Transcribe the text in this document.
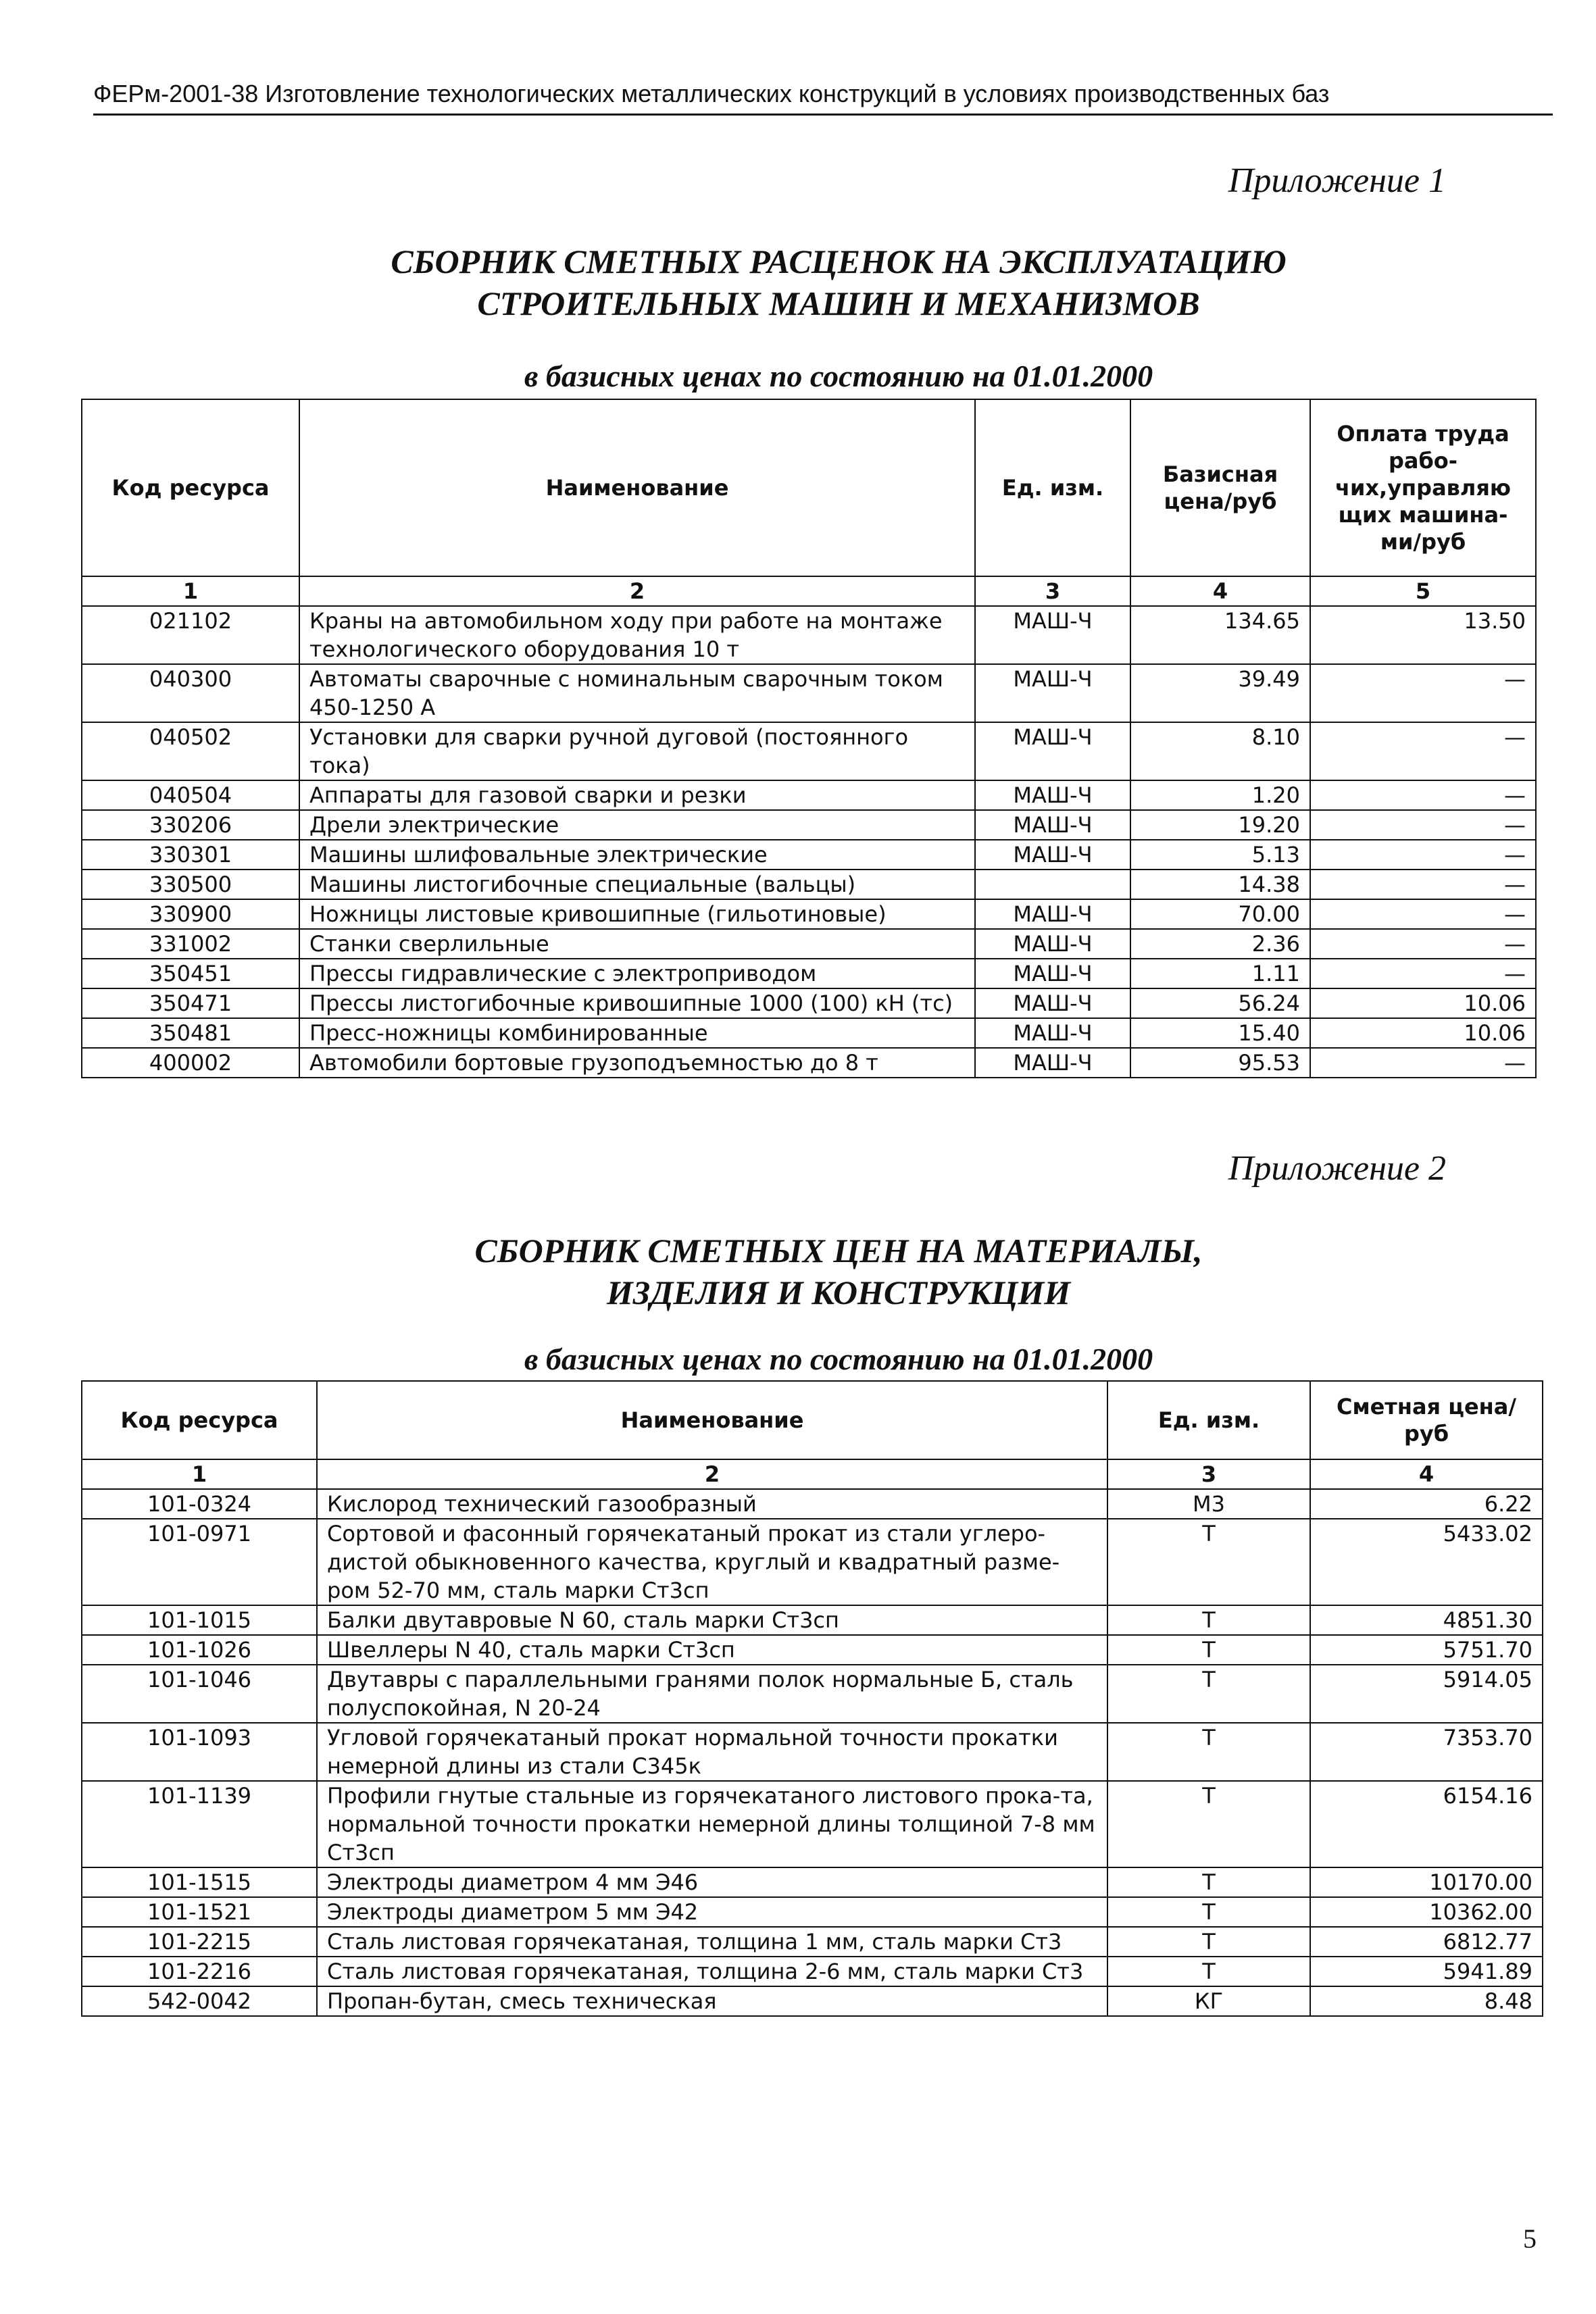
ФЕРм-2001-38 Изготовление технологических металлических конструкций в условиях производственных баз
Приложение 1
СБОРНИК СМЕТНЫХ РАСЦЕНОК НА ЭКСПЛУАТАЦИЮ
СТРОИТЕЛЬНЫХ МАШИН И МЕХАНИЗМОВ
в базисных ценах по состоянию на 01.01.2000
Код ресурса	Наименование	Ед. изм.	Базисная цена/руб	Оплата труда рабо-чих,управляю щих машина-ми/руб
1	2	3	4	5
021102	Краны на автомобильном ходу при работе на монтаже технологического оборудования 10 т	МАШ-Ч	134.65	13.50
040300	Автоматы сварочные с номинальным сварочным током 450-1250 А	МАШ-Ч	39.49	—
040502	Установки для сварки ручной дуговой (постоянного тока)	МАШ-Ч	8.10	—
040504	Аппараты для газовой сварки и резки	МАШ-Ч	1.20	—
330206	Дрели электрические	МАШ-Ч	19.20	—
330301	Машины шлифовальные электрические	МАШ-Ч	5.13	—
330500	Машины листогибочные специальные (вальцы)		14.38	—
330900	Ножницы листовые кривошипные (гильотиновые)	МАШ-Ч	70.00	—
331002	Станки сверлильные	МАШ-Ч	2.36	—
350451	Прессы гидравлические с электроприводом	МАШ-Ч	1.11	—
350471	Прессы листогибочные кривошипные 1000 (100) кН (тс)	МАШ-Ч	56.24	10.06
350481	Пресс-ножницы комбинированные	МАШ-Ч	15.40	10.06
400002	Автомобили бортовые грузоподъемностью до 8 т	МАШ-Ч	95.53	—
Приложение 2
СБОРНИК СМЕТНЫХ ЦЕН НА МАТЕРИАЛЫ,
ИЗДЕЛИЯ И КОНСТРУКЦИИ
в базисных ценах по состоянию на 01.01.2000
Код ресурса	Наименование	Ед. изм.	Сметная цена/руб
1	2	3	4
101-0324	Кислород технический газообразный	М3	6.22
101-0971	Сортовой и фасонный горячекатаный прокат из стали углеро-дистой обыкновенного качества, круглый и квадратный разме-ром 52-70 мм, сталь марки Ст3сп	Т	5433.02
101-1015	Балки двутавровые N 60, сталь марки Ст3сп	Т	4851.30
101-1026	Швеллеры N 40, сталь марки Ст3сп	Т	5751.70
101-1046	Двутавры с параллельными гранями полок нормальные Б, сталь полуспокойная, N 20-24	Т	5914.05
101-1093	Угловой горячекатаный прокат нормальной точности прокатки немерной длины из стали С345к	Т	7353.70
101-1139	Профили гнутые стальные из горячекатаного листового прока-та, нормальной точности прокатки немерной длины толщиной 7-8 мм Ст3сп	Т	6154.16
101-1515	Электроды диаметром 4 мм Э46	Т	10170.00
101-1521	Электроды диаметром 5 мм Э42	Т	10362.00
101-2215	Сталь листовая горячекатаная, толщина 1 мм, сталь марки Ст3	Т	6812.77
101-2216	Сталь листовая горячекатаная, толщина 2-6 мм, сталь марки Ст3	Т	5941.89
542-0042	Пропан-бутан, смесь техническая	КГ	8.48
5
